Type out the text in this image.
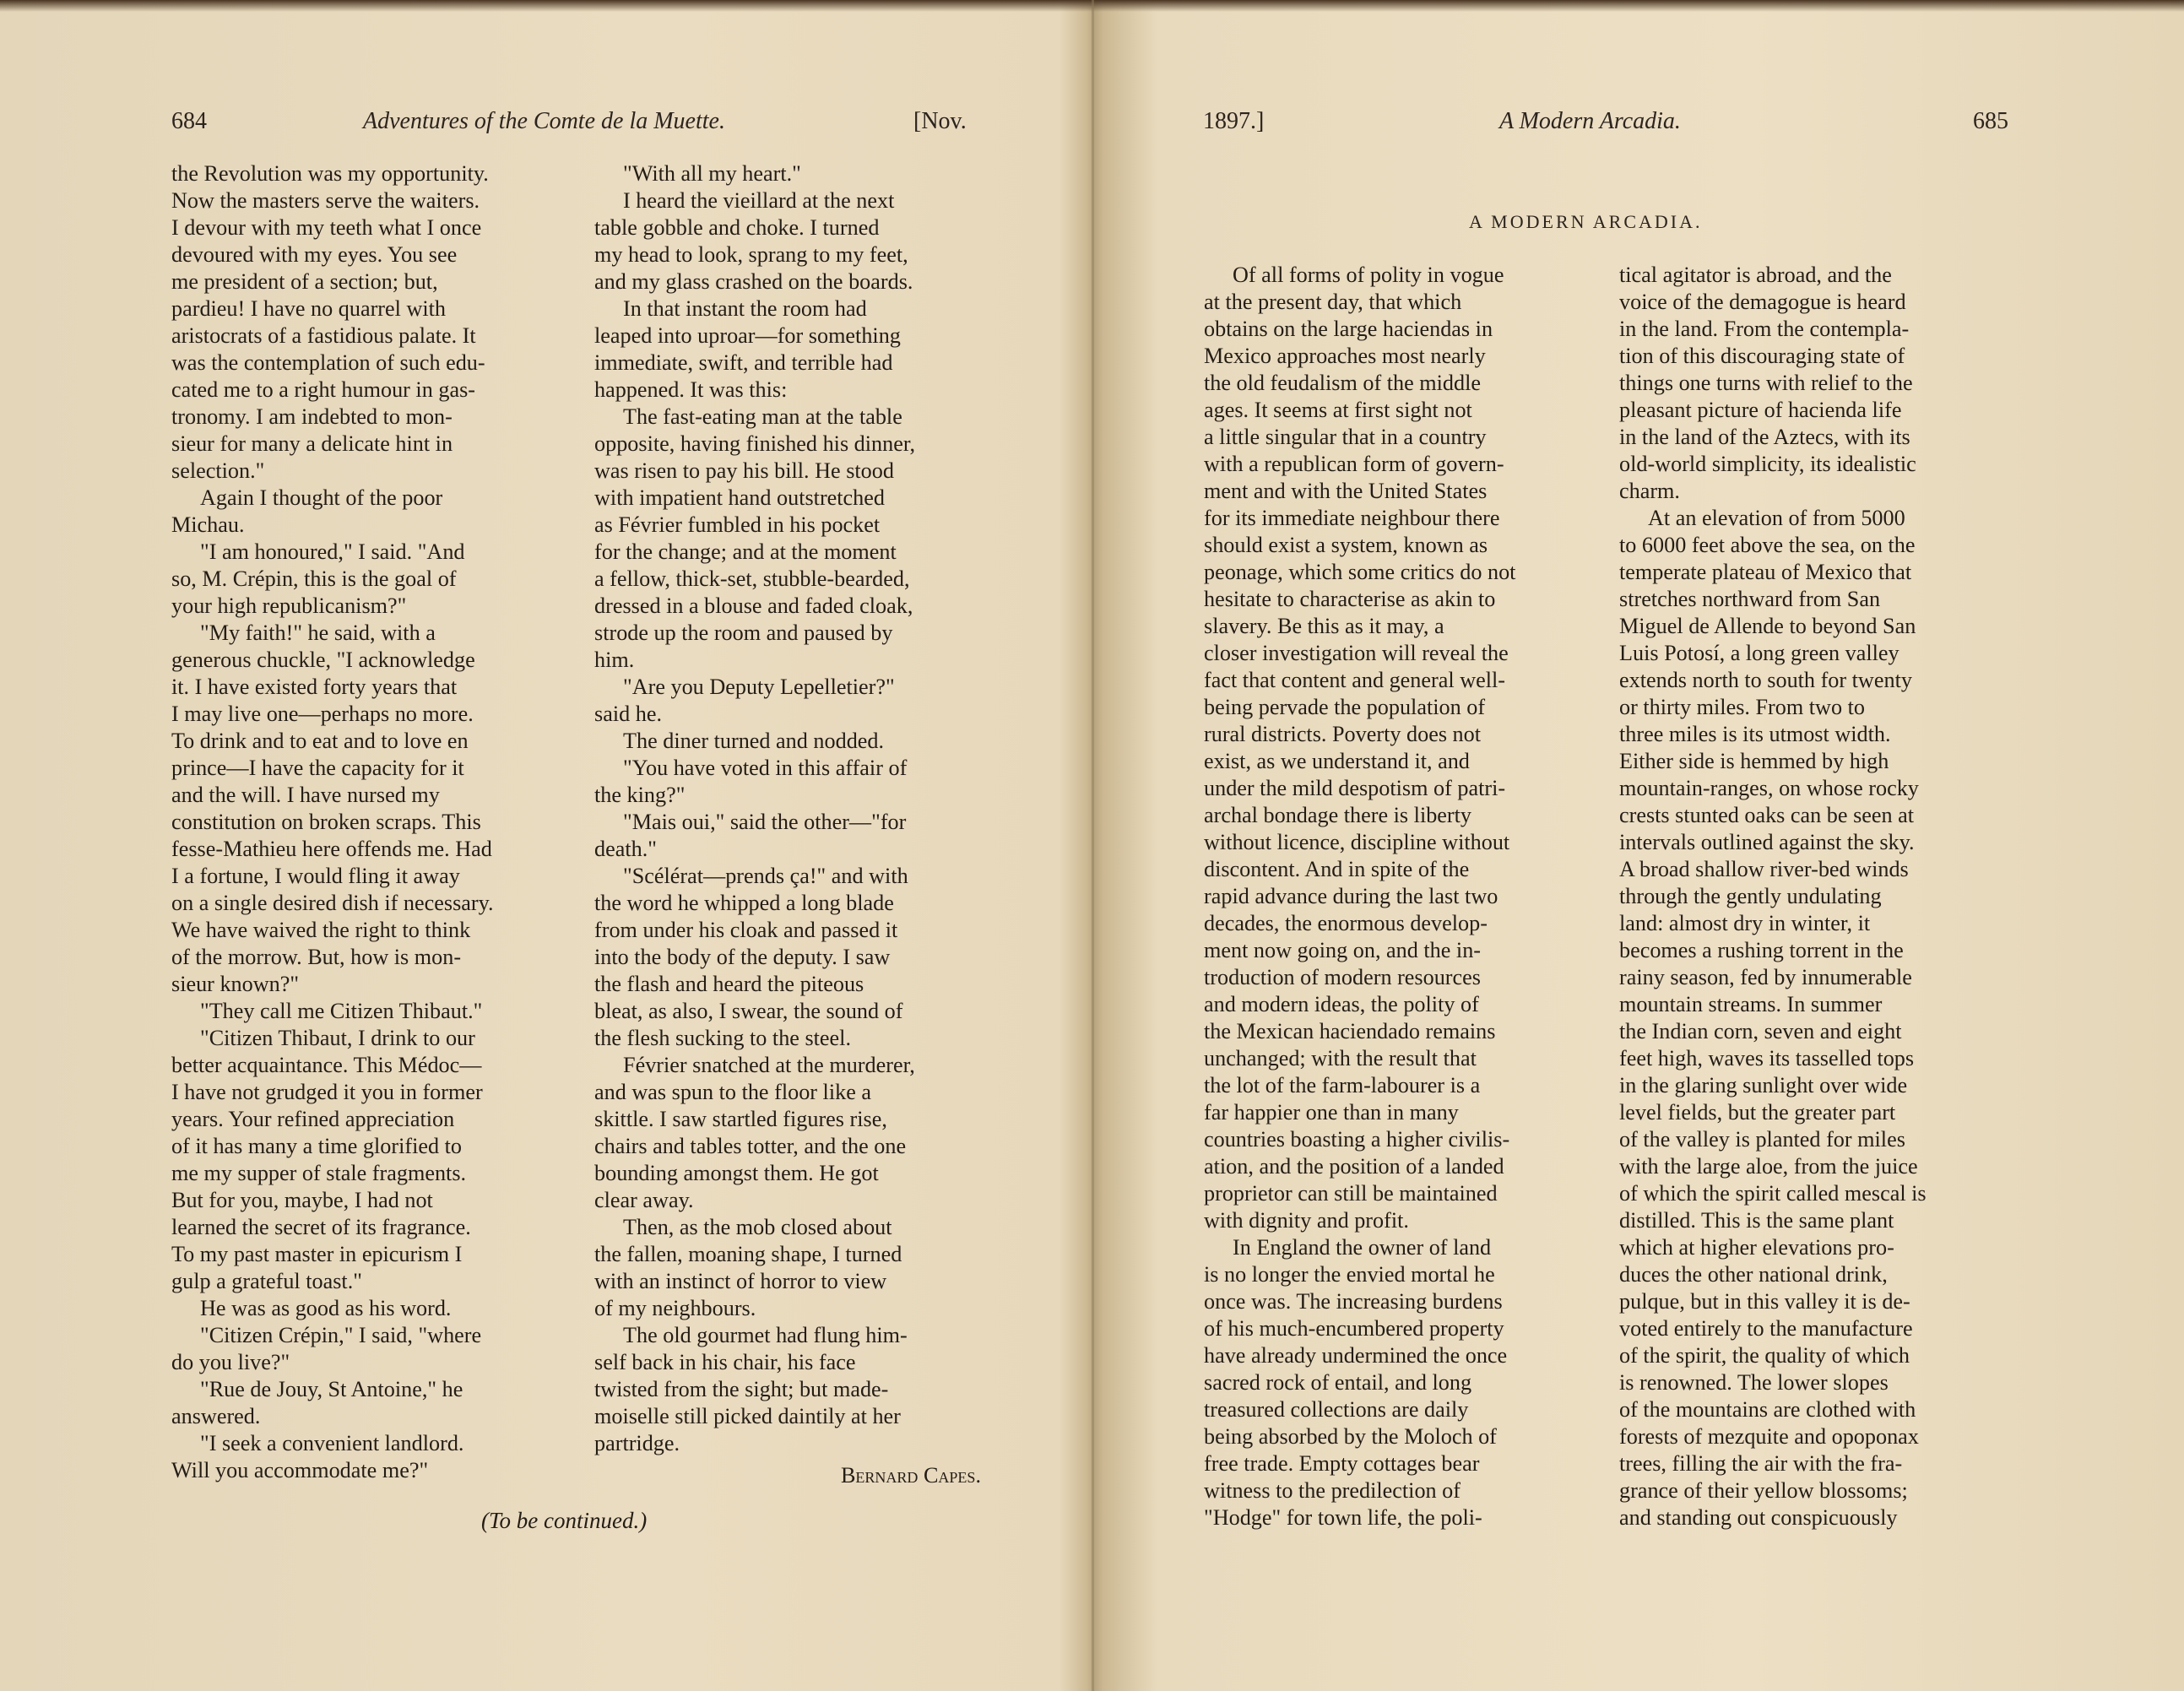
684	Adventures of the Comte de la Muette.	[Nov.
the Revolution was my opportunity.
Now the masters serve the waiters.
I devour with my teeth what I once
devoured with my eyes. You see
me president of a section; but,
pardieu! I have no quarrel with
aristocrats of a fastidious palate. It
was the contemplation of such edu-
cated me to a right humour in gas-
tronomy. I am indebted to mon-
sieur for many a delicate hint in
selection."
Again I thought of the poor
Michau.
"I am honoured," I said. "And
so, M. Crépin, this is the goal of
your high republicanism?"
"My faith!" he said, with a
generous chuckle, "I acknowledge
it. I have existed forty years that
I may live one—perhaps no more.
To drink and to eat and to love en
prince—I have the capacity for it
and the will. I have nursed my
constitution on broken scraps. This
fesse-Mathieu here offends me. Had
I a fortune, I would fling it away
on a single desired dish if necessary.
We have waived the right to think
of the morrow. But, how is mon-
sieur known?"
"They call me Citizen Thibaut."
"Citizen Thibaut, I drink to our
better acquaintance. This Médoc—
I have not grudged it you in former
years. Your refined appreciation
of it has many a time glorified to
me my supper of stale fragments.
But for you, maybe, I had not
learned the secret of its fragrance.
To my past master in epicurism I
gulp a grateful toast."
He was as good as his word.
"Citizen Crépin," I said, "where
do you live?"
"Rue de Jouy, St Antoine," he
answered.
"I seek a convenient landlord.
Will you accommodate me?"
"With all my heart."
I heard the vieillard at the next
table gobble and choke. I turned
my head to look, sprang to my feet,
and my glass crashed on the boards.
In that instant the room had
leaped into uproar—for something
immediate, swift, and terrible had
happened. It was this:
The fast-eating man at the table
opposite, having finished his dinner,
was risen to pay his bill. He stood
with impatient hand outstretched
as Février fumbled in his pocket
for the change; and at the moment
a fellow, thick-set, stubble-bearded,
dressed in a blouse and faded cloak,
strode up the room and paused by
him.
"Are you Deputy Lepelletier?"
said he.
The diner turned and nodded.
"You have voted in this affair of
the king?"
"Mais oui," said the other—"for
death."
"Scélérat—prends ça!" and with
the word he whipped a long blade
from under his cloak and passed it
into the body of the deputy. I saw
the flash and heard the piteous
bleat, as also, I swear, the sound of
the flesh sucking to the steel.
Février snatched at the murderer,
and was spun to the floor like a
skittle. I saw startled figures rise,
chairs and tables totter, and the one
bounding amongst them. He got
clear away.
Then, as the mob closed about
the fallen, moaning shape, I turned
with an instinct of horror to view
of my neighbours.
The old gourmet had flung him-
self back in his chair, his face
twisted from the sight; but made-
moiselle still picked daintily at her
partridge.
Bernard Capes.
(To be continued.)
1897.]	A Modern Arcadia.	685
A MODERN ARCADIA.
Of all forms of polity in vogue
at the present day, that which
obtains on the large haciendas in
Mexico approaches most nearly
the old feudalism of the middle
ages. It seems at first sight not
a little singular that in a country
with a republican form of govern-
ment and with the United States
for its immediate neighbour there
should exist a system, known as
peonage, which some critics do not
hesitate to characterise as akin to
slavery. Be this as it may, a
closer investigation will reveal the
fact that content and general well-
being pervade the population of
rural districts. Poverty does not
exist, as we understand it, and
under the mild despotism of patri-
archal bondage there is liberty
without licence, discipline without
discontent. And in spite of the
rapid advance during the last two
decades, the enormous develop-
ment now going on, and the in-
troduction of modern resources
and modern ideas, the polity of
the Mexican haciendado remains
unchanged; with the result that
the lot of the farm-labourer is a
far happier one than in many
countries boasting a higher civilis-
ation, and the position of a landed
proprietor can still be maintained
with dignity and profit.
In England the owner of land
is no longer the envied mortal he
once was. The increasing burdens
of his much-encumbered property
have already undermined the once
sacred rock of entail, and long
treasured collections are daily
being absorbed by the Moloch of
free trade. Empty cottages bear
witness to the predilection of
"Hodge" for town life, the poli-
tical agitator is abroad, and the
voice of the demagogue is heard
in the land. From the contempla-
tion of this discouraging state of
things one turns with relief to the
pleasant picture of hacienda life
in the land of the Aztecs, with its
old-world simplicity, its idealistic
charm.
At an elevation of from 5000
to 6000 feet above the sea, on the
temperate plateau of Mexico that
stretches northward from San
Miguel de Allende to beyond San
Luis Potosí, a long green valley
extends north to south for twenty
or thirty miles. From two to
three miles is its utmost width.
Either side is hemmed by high
mountain-ranges, on whose rocky
crests stunted oaks can be seen at
intervals outlined against the sky.
A broad shallow river-bed winds
through the gently undulating
land: almost dry in winter, it
becomes a rushing torrent in the
rainy season, fed by innumerable
mountain streams. In summer
the Indian corn, seven and eight
feet high, waves its tasselled tops
in the glaring sunlight over wide
level fields, but the greater part
of the valley is planted for miles
with the large aloe, from the juice
of which the spirit called mescal is
distilled. This is the same plant
which at higher elevations pro-
duces the other national drink,
pulque, but in this valley it is de-
voted entirely to the manufacture
of the spirit, the quality of which
is renowned. The lower slopes
of the mountains are clothed with
forests of mezquite and opoponax
trees, filling the air with the fra-
grance of their yellow blossoms;
and standing out conspicuously
